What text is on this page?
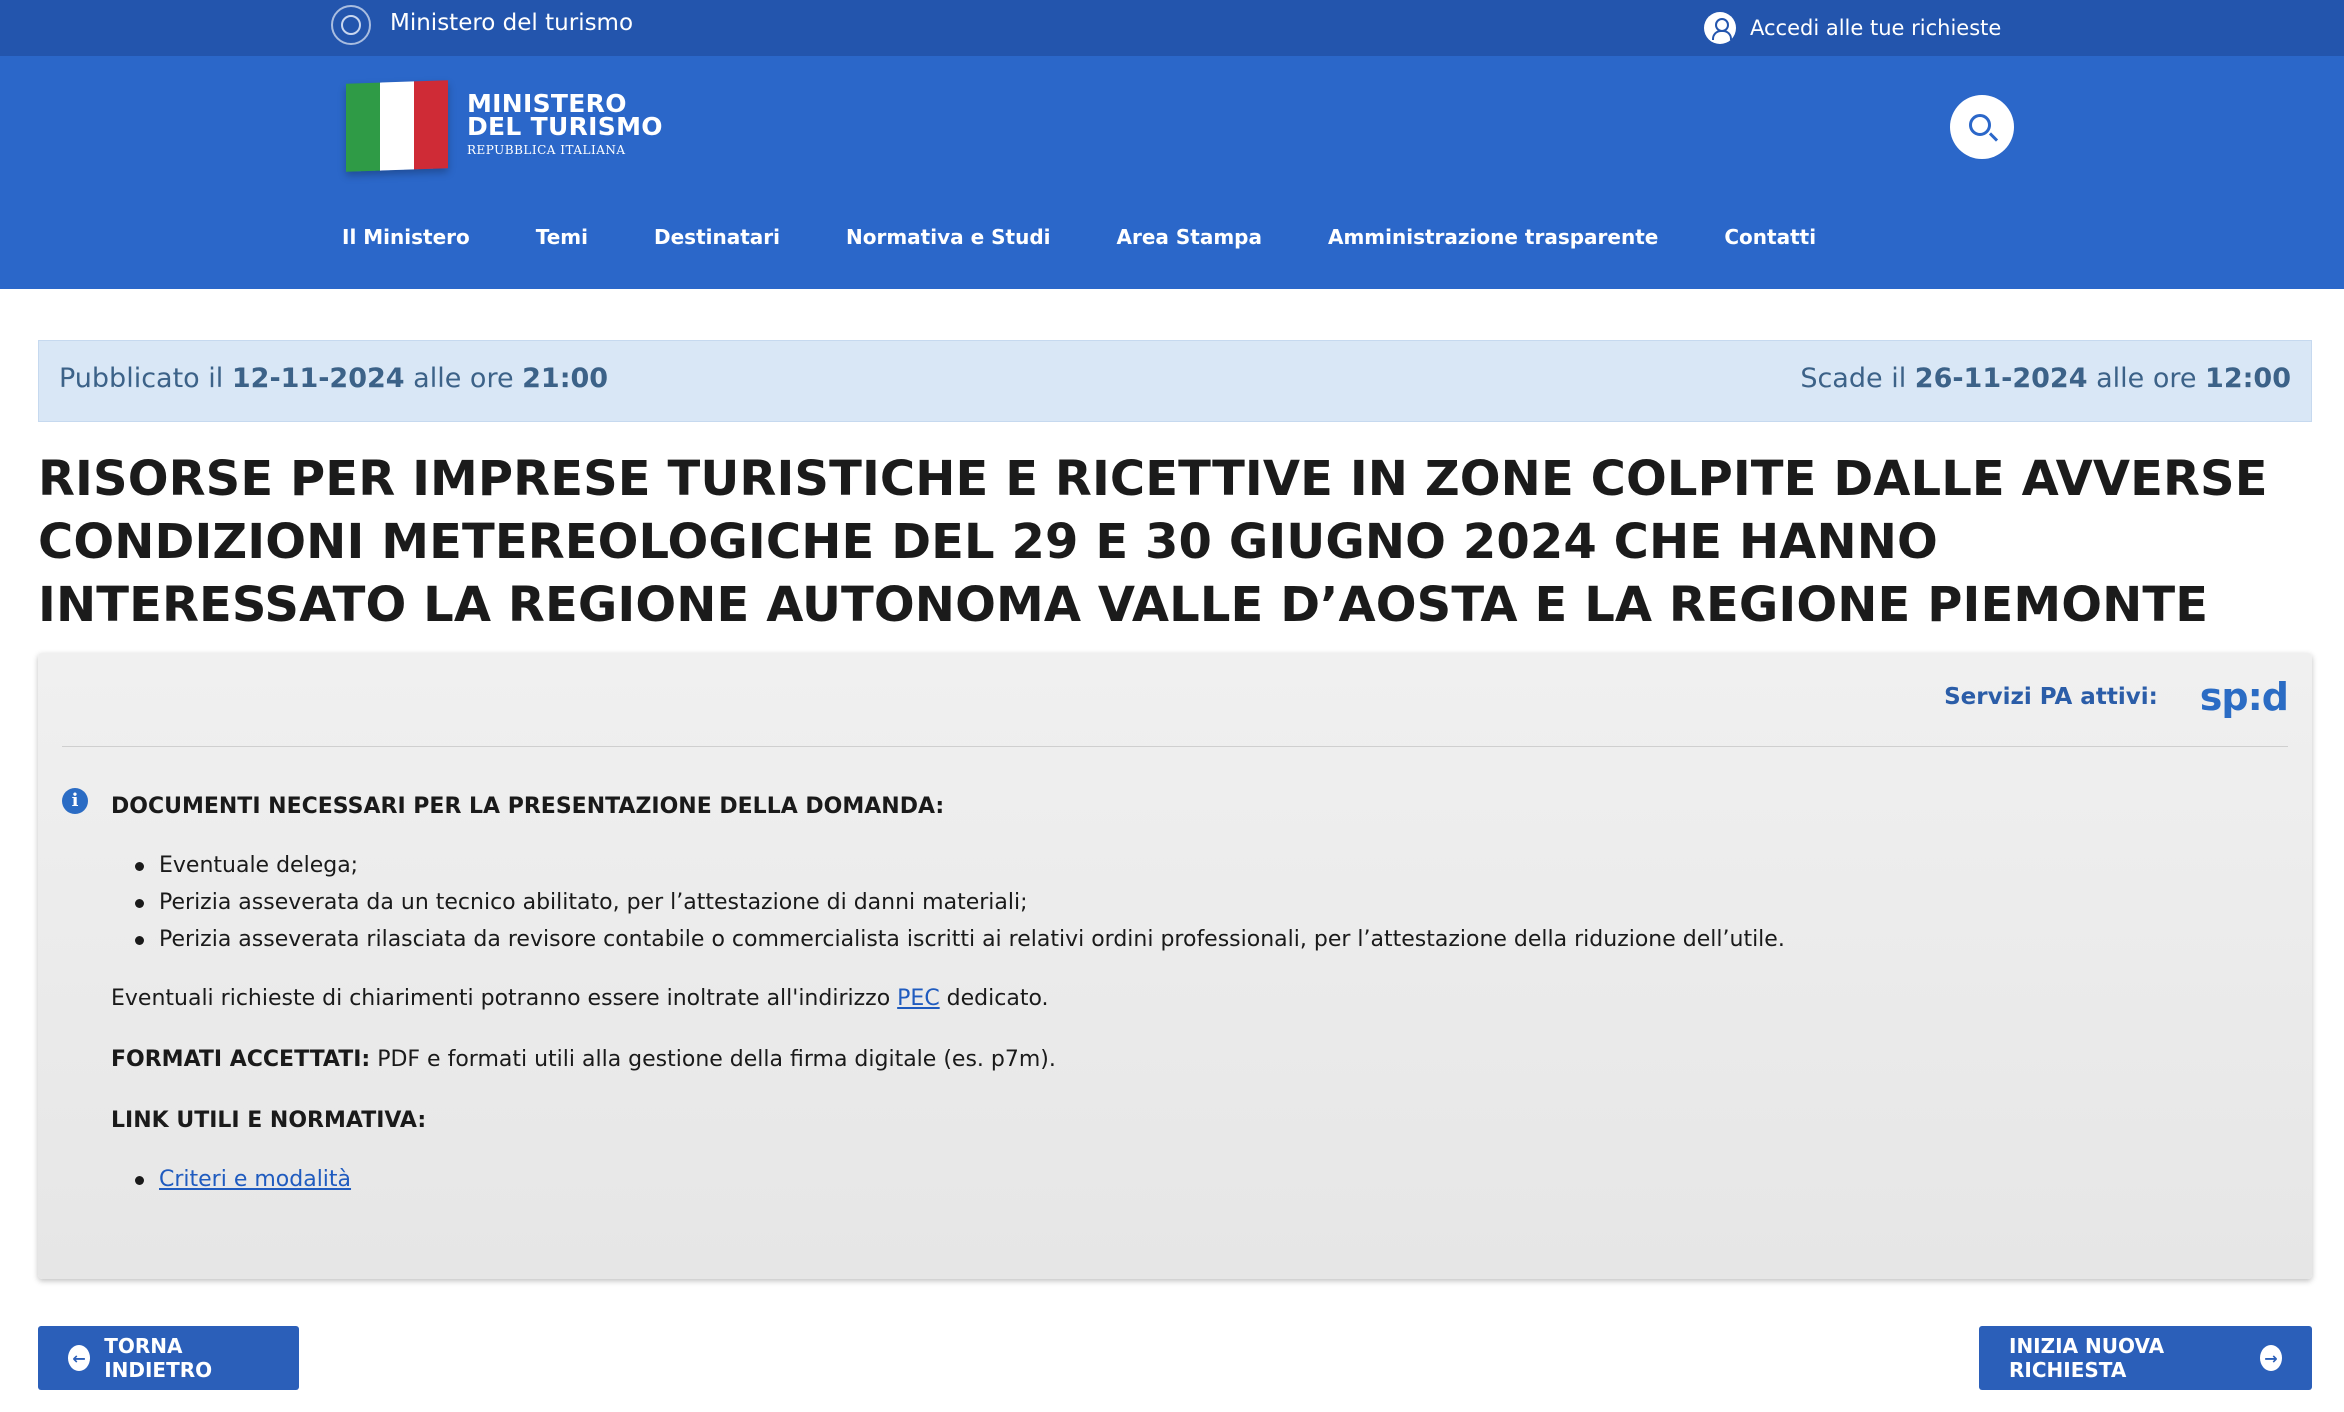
Ministero del turismo	Accedi alle tue richieste
MINISTERO
DEL TURISMO
REPUBBLICA ITALIANA
Il Ministero	Temi	Destinatari	Normativa e Studi	Area Stampa	Amministrazione trasparente	Contatti
Pubblicato il 12-11-2024 alle ore 21:00	Scade il 26-11-2024 alle ore 12:00
RISORSE PER IMPRESE TURISTICHE E RICETTIVE IN ZONE COLPITE DALLE AVVERSE CONDIZIONI METEREOLOGICHE DEL 29 E 30 GIUGNO 2024 CHE HANNO INTERESSATO LA REGIONE AUTONOMA VALLE D’AOSTA E LA REGIONE PIEMONTE
Servizi PA attivi: sp:d
i	DOCUMENTI NECESSARI PER LA PRESENTAZIONE DELLA DOMANDA:
Eventuale delega;
Perizia asseverata da un tecnico abilitato, per l’attestazione di danni materiali;
Perizia asseverata rilasciata da revisore contabile o commercialista iscritti ai relativi ordini professionali, per l’attestazione della riduzione dell’utile.

Eventuali richieste di chiarimenti potranno essere inoltrate all'indirizzo PEC dedicato.

FORMATI ACCETTATI: PDF e formati utili alla gestione della firma digitale (es. p7m).

LINK UTILI E NORMATIVA:
Criteri e modalità
← TORNA INDIETRO
INIZIA NUOVA RICHIESTA	→
